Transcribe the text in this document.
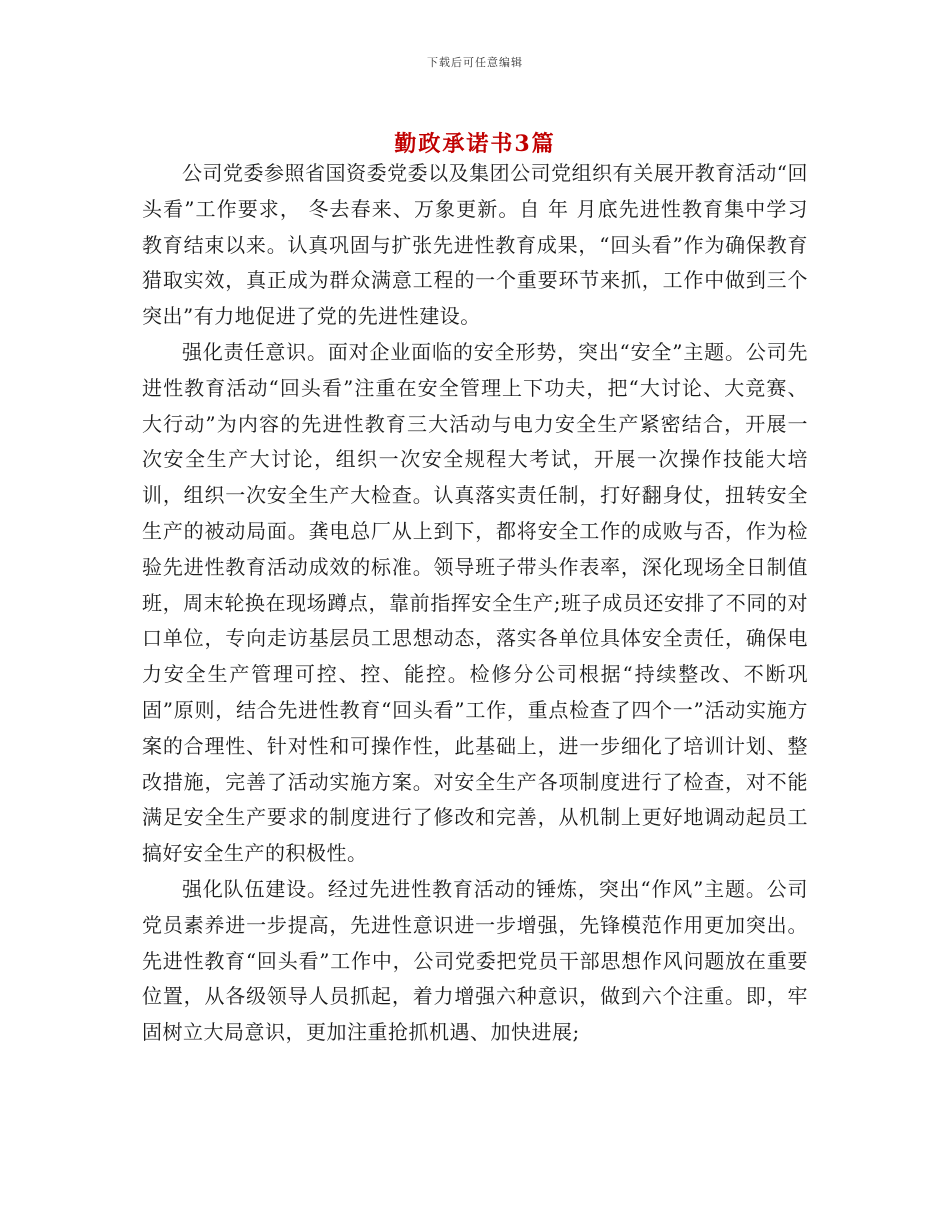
下载后可任意编辑
勤政承诺书3篇

公司党委参照省国资委党委以及集团公司党组织有关展开教育活动“回头看”工作要求， 冬去春来、万象更新。自 年 月底先进性教育集中学习教育结束以来。认真巩固与扩张先进性教育成果，“回头看”作为确保教育猎取实效，真正成为群众满意工程的一个重要环节来抓，工作中做到三个突出”有力地促进了党的先进性建设。

强化责任意识。面对企业面临的安全形势，突出“安全”主题。公司先进性教育活动“回头看”注重在安全管理上下功夫，把“大讨论、大竞赛、大行动”为内容的先进性教育三大活动与电力安全生产紧密结合，开展一次安全生产大讨论，组织一次安全规程大考试，开展一次操作技能大培训，组织一次安全生产大检查。认真落实责任制，打好翻身仗，扭转安全生产的被动局面。龚电总厂从上到下，都将安全工作的成败与否，作为检验先进性教育活动成效的标准。领导班子带头作表率，深化现场全日制值班，周末轮换在现场蹲点，靠前指挥安全生产;班子成员还安排了不同的对口单位，专向走访基层员工思想动态，落实各单位具体安全责任，确保电力安全生产管理可控、控、能控。检修分公司根据“持续整改、不断巩固”原则，结合先进性教育“回头看”工作，重点检查了四个一”活动实施方案的合理性、针对性和可操作性，此基础上，进一步细化了培训计划、整改措施，完善了活动实施方案。对安全生产各项制度进行了检查，对不能满足安全生产要求的制度进行了修改和完善，从机制上更好地调动起员工搞好安全生产的积极性。

强化队伍建设。经过先进性教育活动的锤炼，突出“作风”主题。公司党员素养进一步提高，先进性意识进一步增强，先锋模范作用更加突出。先进性教育“回头看”工作中，公司党委把党员干部思想作风问题放在重要位置，从各级领导人员抓起，着力增强六种意识，做到六个注重。即，牢固树立大局意识，更加注重抢抓机遇、加快进展;
